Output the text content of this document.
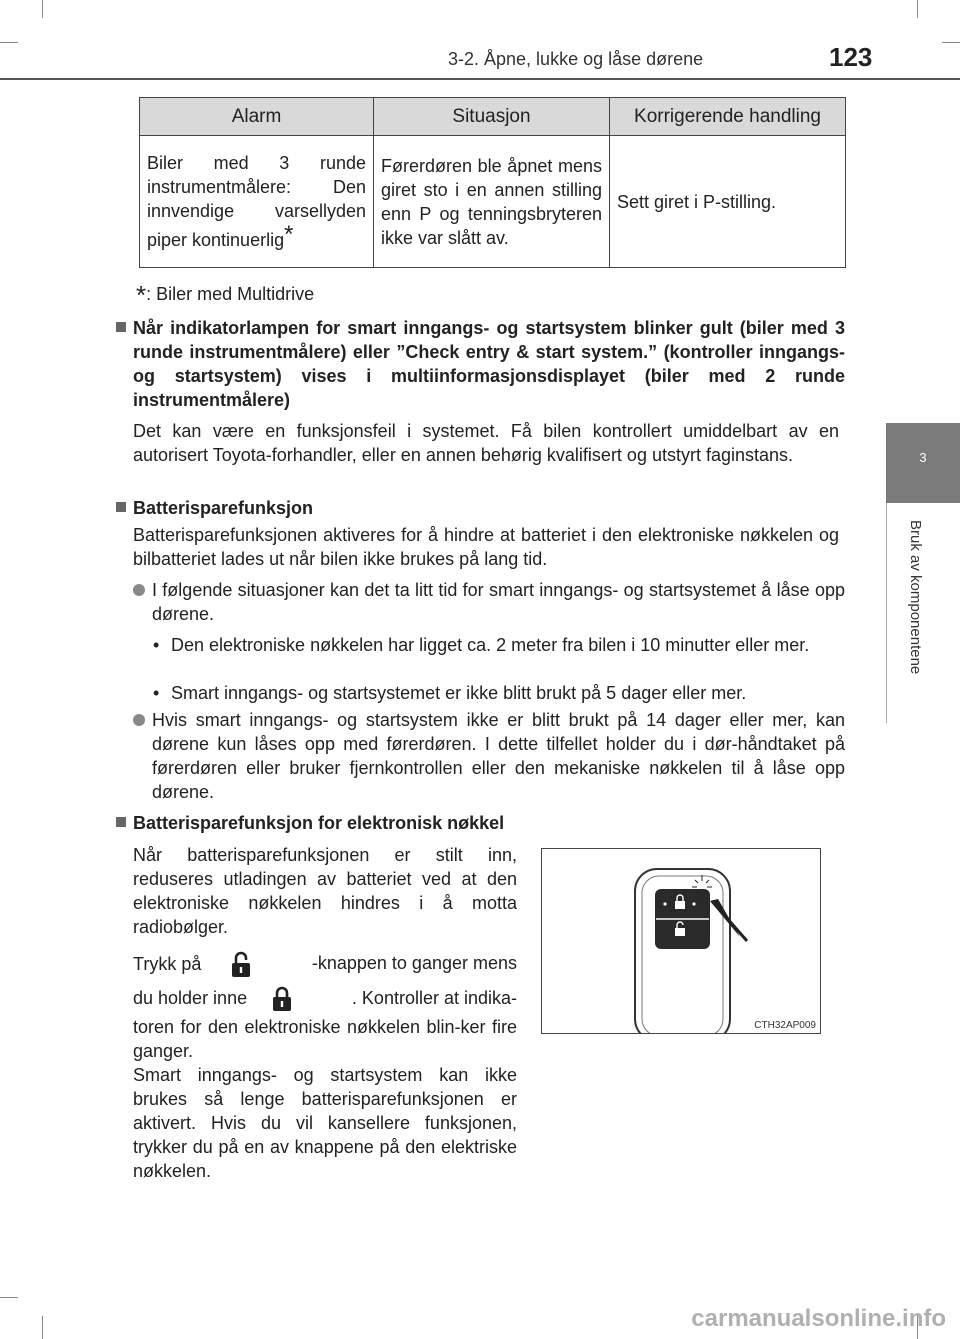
3-2. Åpne, lukke og låse dørene	123
3
Bruk av komponentene
Alarm	Situasjon	Korrigerende handling
Biler med 3 runde instrumentmålere: Den innvendige varsellyden piper kontinuerlig*	Førerdøren ble åpnet mens giret sto i en annen stilling enn P og tenningsbryteren ikke var slått av.	Sett giret i P-stilling.
*: Biler med Multidrive
Når indikatorlampen for smart inngangs- og startsystem blinker gult (biler med 3 runde instrumentmålere) eller ”Check entry & start system.” (kontroller inngangs- og startsystem) vises i multiinformasjonsdisplayet (biler med 2 runde instrumentmålere)
Det kan være en funksjonsfeil i systemet. Få bilen kontrollert umiddelbart av en autorisert Toyota-forhandler, eller en annen behørig kvalifisert og utstyrt faginstans.
Batterisparefunksjon
Batterisparefunksjonen aktiveres for å hindre at batteriet i den elektroniske nøkkelen og bilbatteriet lades ut når bilen ikke brukes på lang tid.
I følgende situasjoner kan det ta litt tid for smart inngangs- og startsystemet å låse opp dørene.
• Den elektroniske nøkkelen har ligget ca. 2 meter fra bilen i 10 minutter eller mer.
• Smart inngangs- og startsystemet er ikke blitt brukt på 5 dager eller mer.
Hvis smart inngangs- og startsystem ikke er blitt brukt på 14 dager eller mer, kan dørene kun låses opp med førerdøren. I dette tilfellet holder du i dør-håndtaket på førerdøren eller bruker fjernkontrollen eller den mekaniske nøkkelen til å låse opp dørene.
Batterisparefunksjon for elektronisk nøkkel
Når batterisparefunksjonen er stilt inn, reduseres utladingen av batteriet ved at den elektroniske nøkkelen hindres i å motta radiobølger.
Trykk på	-knappen to ganger mens
du holder inne	. Kontroller at indika-
toren for den elektroniske nøkkelen blin-ker fire ganger.
Smart inngangs- og startsystem kan ikke brukes så lenge batterisparefunksjonen er aktivert. Hvis du vil kansellere funksjonen, trykker du på en av knappene på den elektriske nøkkelen.
CTH32AP009
carmanualsonline.info
